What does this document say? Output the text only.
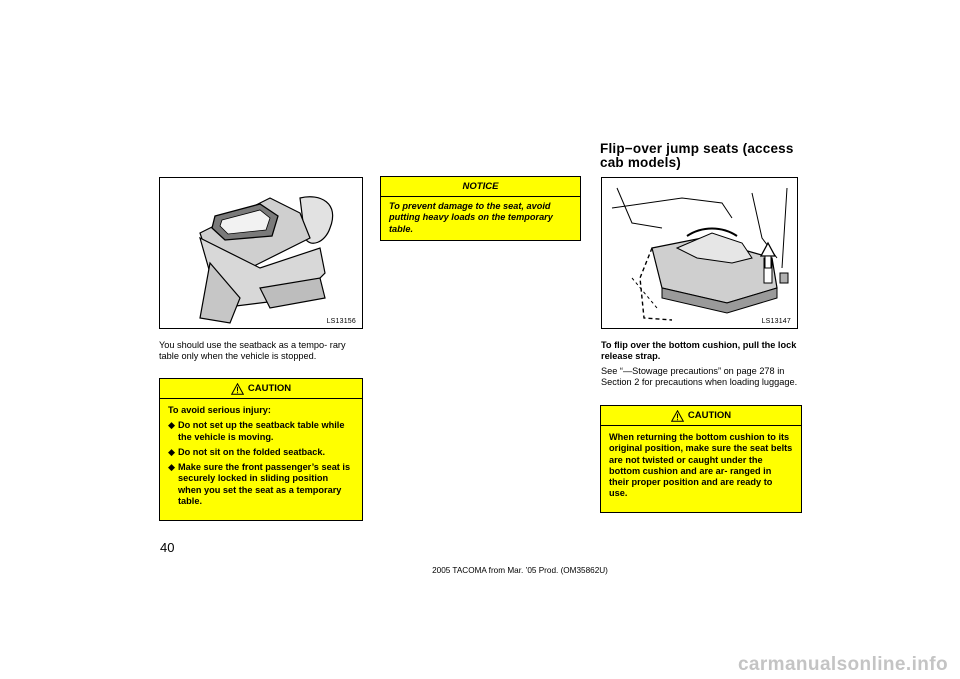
Flip−over jump seats (access
cab models)
LS13156
You should use the seatback as a tempo- rary table only when the vehicle is stopped.
CAUTION
To avoid serious injury:
◆ Do not set up the seatback table while the vehicle is moving.
◆ Do not sit on the folded seatback.
◆ Make sure the front passenger’s seat is securely locked in sliding position when you set the seat as a temporary table.
NOTICE
To prevent damage to the seat, avoid putting heavy loads on the temporary table.
LS13147
To flip over the bottom cushion, pull the lock release strap.
See “—Stowage precautions” on page 278 in Section 2 for precautions when loading luggage.
CAUTION
When returning the bottom cushion to its original position, make sure the seat belts are not twisted or caught under the bottom cushion and are ar- ranged in their proper position and are ready to use.
40
2005 TACOMA from Mar. ’05 Prod. (OM35862U)
carmanualsonline.info
